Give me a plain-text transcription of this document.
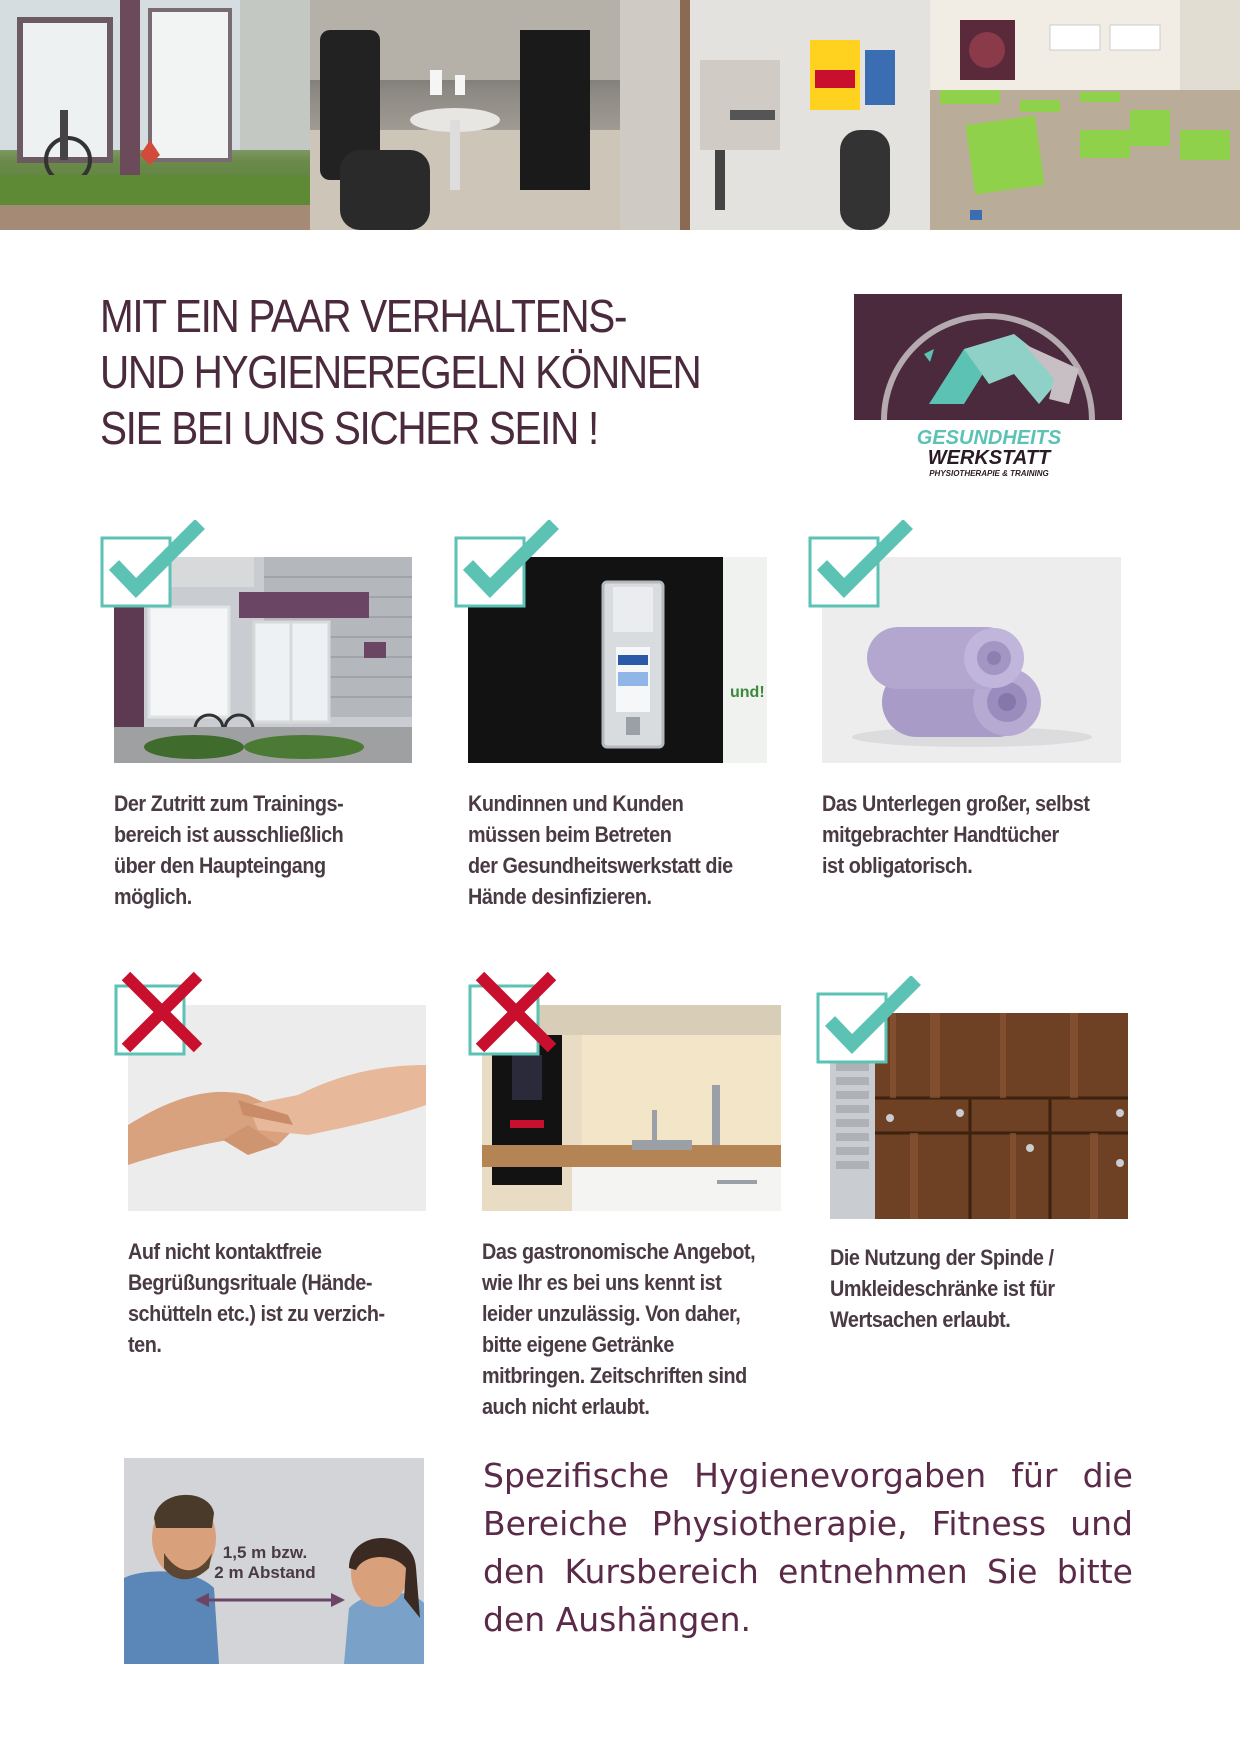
MIT EIN PAAR VERHALTENS-
UND HYGIENEREGELN KÖNNEN
SIE BEI UNS SICHER SEIN !	GESUNDHEITS
WERKSTATT
PHYSIOTHERAPIE & TRAINING

Der Zutritt zum Trainings-
bereich ist ausschließlich
über den Haupteingang
möglich.

und!

Kundinnen und Kunden
müssen beim Betreten
der Gesundheitswerkstatt die
Hände desinfizieren.

Das Unterlegen großer, selbst
mitgebrachter Handtücher
ist obligatorisch.

Auf nicht kontaktfreie
Begrüßungsrituale (Hände-
schütteln etc.) ist zu verzich-
ten.

Das gastronomische Angebot,
wie Ihr es bei uns kennt ist
leider unzulässig. Von daher,
bitte eigene Getränke
mitbringen. Zeitschriften sind
auch nicht erlaubt.

Die Nutzung der Spinde /
Umkleideschränke ist für
Wertsachen erlaubt.

1,5 m bzw.
2 m Abstand

Spezifische Hygienevorgaben für die
Bereiche Physiotherapie, Fitness und
den Kursbereich entnehmen Sie bitte
den Aushängen.
